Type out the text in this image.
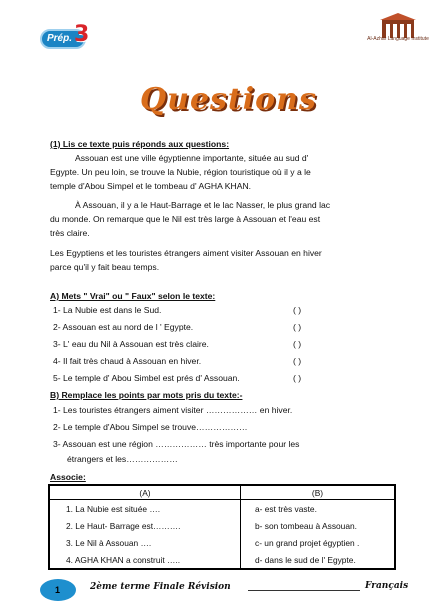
Prép. 3	Al-Azhar Language Institute
Questions
(1) Lis ce texte puis réponds aux questions:
Assouan est une ville égyptienne importante, située au sud d'
Egypte. Un peu loin, se trouve la Nubie, région touristique où il y a le
temple d'Abou Simpel et le tombeau d' AGHA KHAN.
À Assouan, il y a le Haut-Barrage et le lac Nasser, le plus grand lac
du monde. On remarque que le Nil est très large à Assouan et l'eau est
très claire.
Les Egyptiens et les touristes étrangers aiment visiter Assouan en hiver
parce qu'il y fait beau temps.
A) Mets " Vrai" ou " Faux" selon le texte:
1- La Nubie est dans le Sud.	( )
2- Assouan est au nord de l ' Egypte.	( )
3- L' eau du Nil à Assouan est très claire.	( )
4- Il fait très chaud à Assouan en hiver.	( )
5- Le temple d' Abou Simbel est prés d' Assouan.	( )
B) Remplace les points par mots pris du texte:-
1- Les touristes étrangers aiment visiter ……………… en hiver.
2- Le temple d'Abou Simpel se trouve………………
3- Assouan est une région ……………… très importante pour les
étrangers et les………………
Associe:
(A)	(B)
1. La Nubie est située ….	a- est très vaste.
2. Le Haut- Barrage est……….	b- son tombeau à Assouan.
3. Le Nil à Assouan ….	c- un grand projet égyptien .
4. AGHA KHAN a construit …..	d- dans le sud de l' Egypte.
1	2ème terme Finale Révision	Français
